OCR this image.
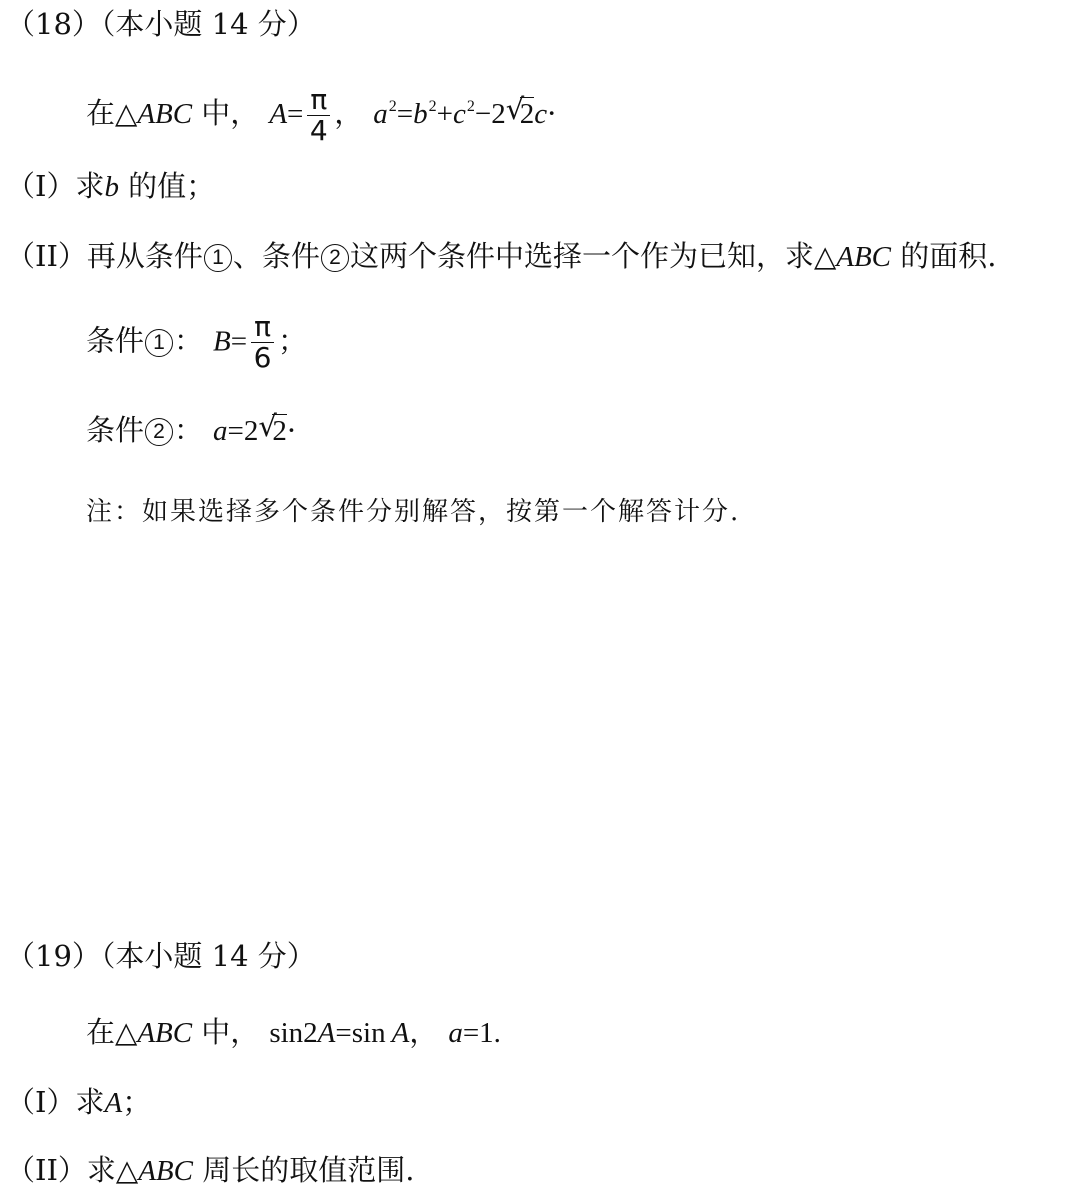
（18）（本小题 14 分）
在△ABC 中， $A= \frac{\pi}{4}$ ， $a^2=b^2+c^2-2$ √
2c·
（I）求b 的值；
（II）再从条件 1 、条件 2 这两个条件中选择一个作为已知，求△ABC 的面积.
条件 1 ： $B= \frac{\pi}{6}$ ；
条件 2 ： a=2 √
2·
注：如果选择多个条件分别解答，按第一个解答计分.
（19）（本小题 14 分）
在△ABC 中， sin2A=sin A， a=1.
（I）求A；
（II）求△ABC 周长的取值范围.
